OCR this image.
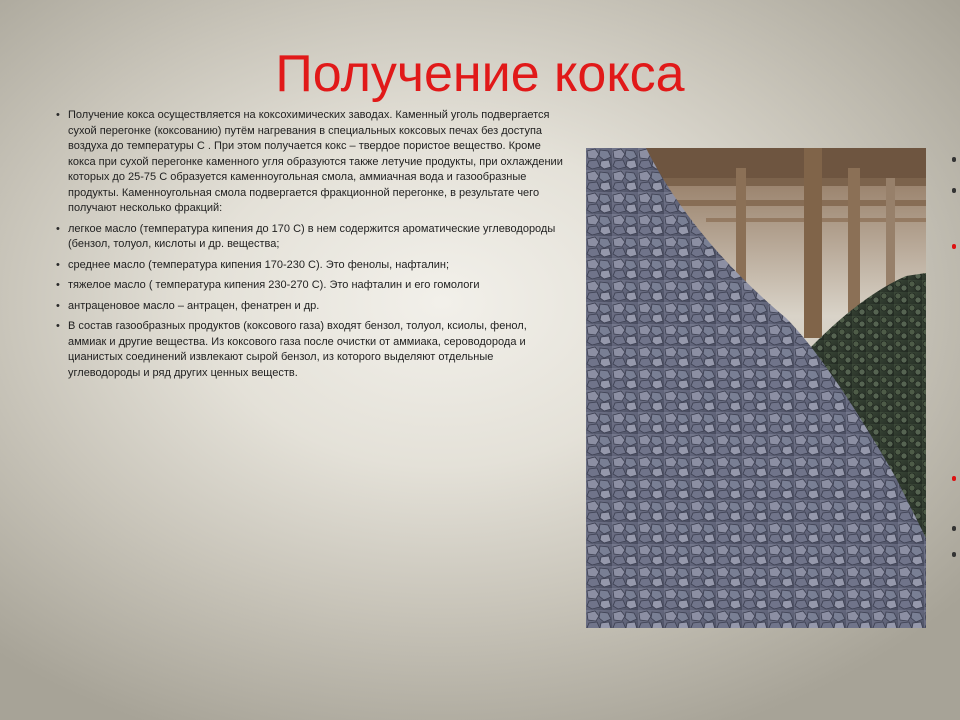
Получение кокса
• Получение кокса осуществляется на коксохимических заводах. Каменный уголь подвергается сухой перегонке (коксованию) путём нагревания в специальных коксовых печах без доступа воздуха до температуры С . При этом получается кокс – твердое пористое вещество. Кроме кокса при сухой перегонке каменного угля образуются также летучие продукты, при охлаждении которых до 25-75 С образуется каменноугольная смола, аммиачная вода и газообразные продукты. Каменноугольная смола подвергается фракционной перегонке, в результате чего получают несколько фракций:
• легкое масло (температура кипения до 170 С) в нем содержится ароматические углеводороды (бензол, толуол, кислоты и др. вещества;
• среднее масло (температура кипения 170-230 С). Это фенолы, нафталин;
• тяжелое масло ( температура кипения 230-270 С). Это нафталин и его гомологи
• антраценовое масло – антрацен, фенатрен и др.
• В состав газообразных продуктов (коксового газа) входят бензол, толуол, ксиолы, фенол, аммиак и другие вещества. Из коксового газа после очистки от аммиака, сероводорода и цианистых соединений извлекают сырой бензол, из которого выделяют отдельные углеводороды и ряд других ценных веществ.
